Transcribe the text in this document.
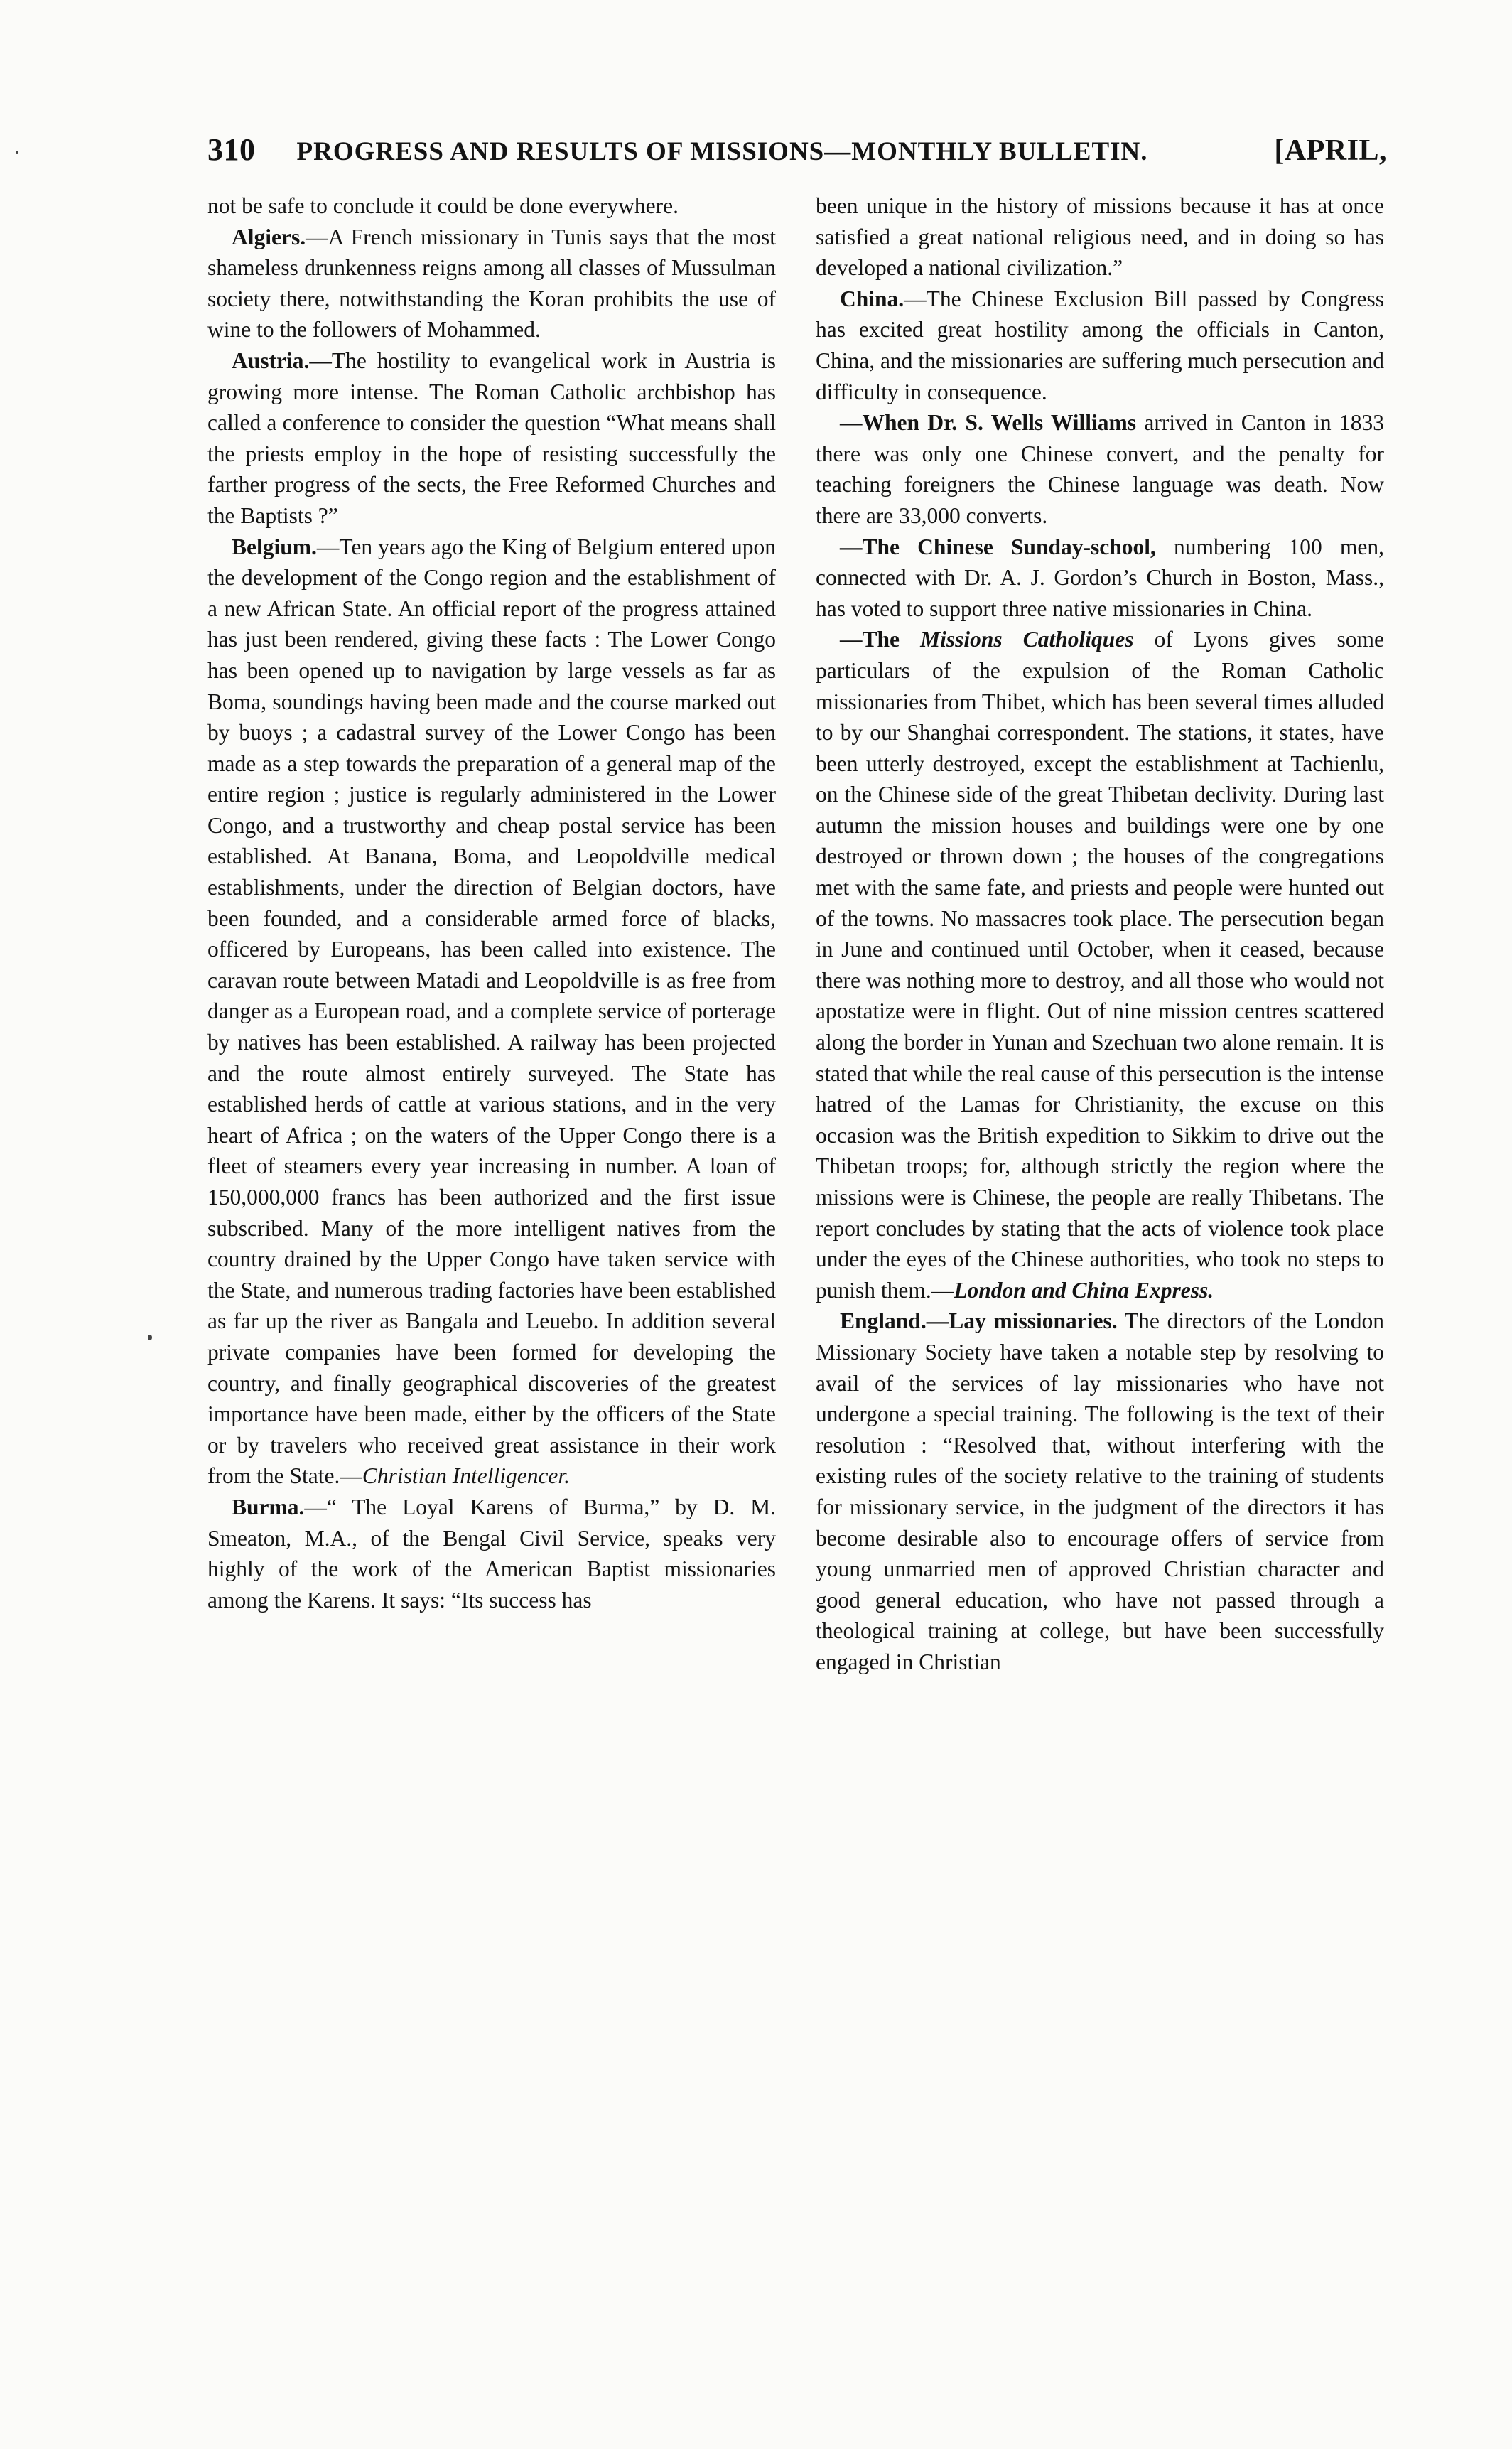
310 PROGRESS AND RESULTS OF MISSIONS—MONTHLY BULLETIN.	[APRIL,

not be safe to conclude it could be done everywhere.

Algiers.—A French missionary in Tunis says that the most shameless drunkenness reigns among all classes of Mussulman society there, notwithstanding the Koran prohibits the use of wine to the followers of Mohammed.

Austria.—The hostility to evangelical work in Austria is growing more intense. The Roman Catholic archbishop has called a conference to consider the question “What means shall the priests employ in the hope of resisting successfully the farther progress of the sects, the Free Reformed Churches and the Baptists ?”

Belgium.—Ten years ago the King of Belgium entered upon the development of the Congo region and the establishment of a new African State. An official report of the progress attained has just been rendered, giving these facts : The Lower Congo has been opened up to navigation by large vessels as far as Boma, soundings having been made and the course marked out by buoys ; a cadastral survey of the Lower Congo has been made as a step towards the preparation of a general map of the entire region ; justice is regularly administered in the Lower Congo, and a trustworthy and cheap postal service has been established. At Banana, Boma, and Leopoldville medical establishments, under the direction of Belgian doctors, have been founded, and a considerable armed force of blacks, officered by Europeans, has been called into existence. The caravan route between Matadi and Leopoldville is as free from danger as a European road, and a complete service of porterage by natives has been established. A railway has been projected and the route almost entirely surveyed. The State has established herds of cattle at various stations, and in the very heart of Africa ; on the waters of the Upper Congo there is a fleet of steamers every year increasing in number. A loan of 150,000,000 francs has been authorized and the first issue subscribed. Many of the more intelligent natives from the country drained by the Upper Congo have taken service with the State, and numerous trading factories have been established as far up the river as Bangala and Leuebo. In addition several private companies have been formed for developing the country, and finally geographical discoveries of the greatest importance have been made, either by the officers of the State or by travelers who received great assistance in their work from the State.—Christian Intelligencer.

Burma.—“ The Loyal Karens of Burma,” by D. M. Smeaton, M.A., of the Bengal Civil Service, speaks very highly of the work of the American Baptist missionaries among the Karens. It says: “Its success has

been unique in the history of missions because it has at once satisfied a great national religious need, and in doing so has developed a national civilization.”

China.—The Chinese Exclusion Bill passed by Congress has excited great hostility among the officials in Canton, China, and the missionaries are suffering much persecution and difficulty in consequence.

—When Dr. S. Wells Williams arrived in Canton in 1833 there was only one Chinese convert, and the penalty for teaching foreigners the Chinese language was death. Now there are 33,000 converts.

—The Chinese Sunday-school, numbering 100 men, connected with Dr. A. J. Gordon’s Church in Boston, Mass., has voted to support three native missionaries in China.

—The Missions Catholiques of Lyons gives some particulars of the expulsion of the Roman Catholic missionaries from Thibet, which has been several times alluded to by our Shanghai correspondent. The stations, it states, have been utterly destroyed, except the establishment at Tachienlu, on the Chinese side of the great Thibetan declivity. During last autumn the mission houses and buildings were one by one destroyed or thrown down ; the houses of the congregations met with the same fate, and priests and people were hunted out of the towns. No massacres took place. The persecution began in June and continued until October, when it ceased, because there was nothing more to destroy, and all those who would not apostatize were in flight. Out of nine mission centres scattered along the border in Yunan and Szechuan two alone remain. It is stated that while the real cause of this persecution is the intense hatred of the Lamas for Christianity, the excuse on this occasion was the British expedition to Sikkim to drive out the Thibetan troops; for, although strictly the region where the missions were is Chinese, the people are really Thibetans. The report concludes by stating that the acts of violence took place under the eyes of the Chinese authorities, who took no steps to punish them.—London and China Express.

England.—Lay missionaries. The directors of the London Missionary Society have taken a notable step by resolving to avail of the services of lay missionaries who have not undergone a special training. The following is the text of their resolution : “Resolved that, without interfering with the existing rules of the society relative to the training of students for missionary service, in the judgment of the directors it has become desirable also to encourage offers of service from young unmarried men of approved Christian character and good general education, who have not passed through a theological training at college, but have been successfully engaged in Christian
